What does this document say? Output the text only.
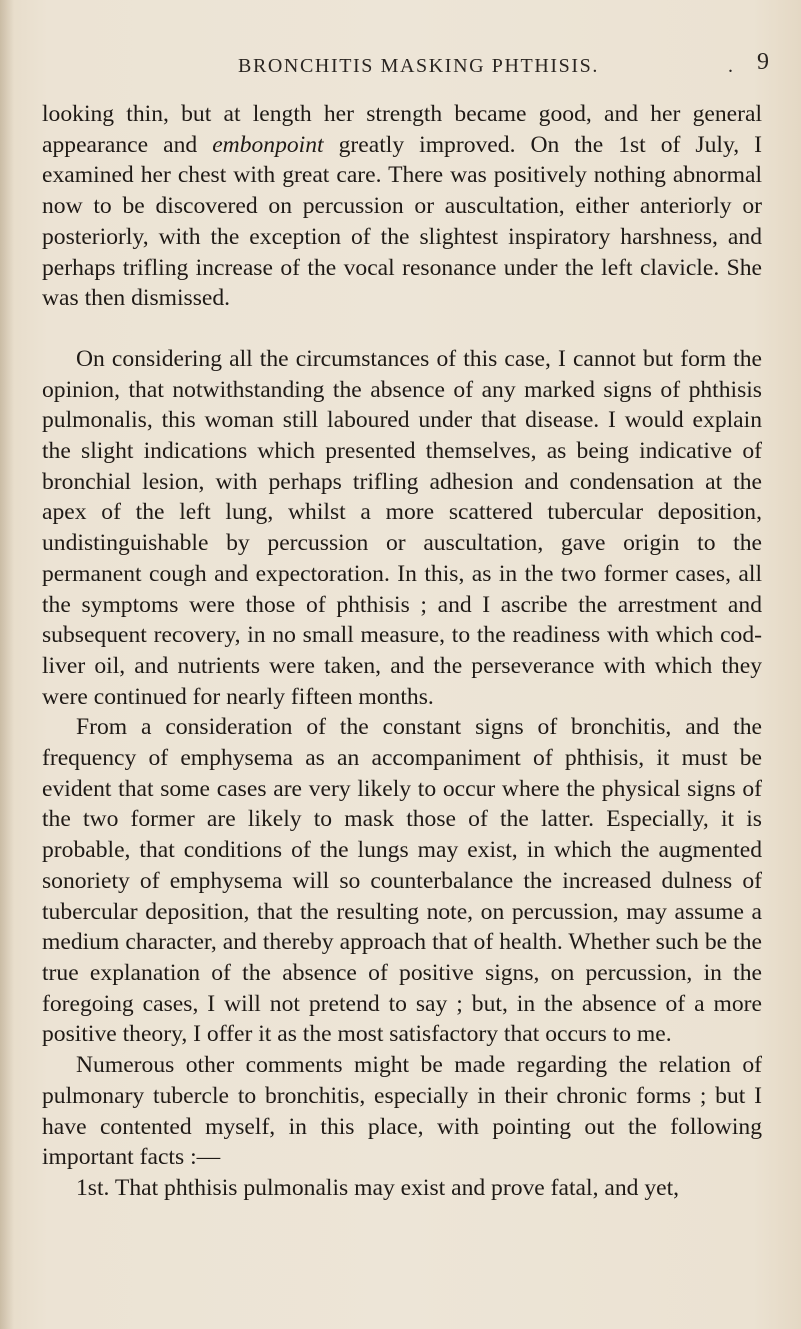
BRONCHITIS MASKING PHTHISIS.	. 9

looking thin, but at length her strength became good, and her general appearance and embonpoint greatly improved. On the 1st of July, I examined her chest with great care. There was positively nothing abnormal now to be discovered on percussion or auscultation, either anteriorly or posteriorly, with the exception of the slightest inspiratory harshness, and perhaps trifling increase of the vocal resonance under the left clavicle. She was then dismissed.

On considering all the circumstances of this case, I cannot but form the opinion, that notwithstanding the absence of any marked signs of phthisis pulmonalis, this woman still laboured under that disease. I would explain the slight indications which presented themselves, as being indicative of bronchial lesion, with perhaps trifling adhesion and condensation at the apex of the left lung, whilst a more scattered tubercular deposition, undistinguishable by percussion or auscultation, gave origin to the permanent cough and expectoration. In this, as in the two former cases, all the symptoms were those of phthisis ; and I ascribe the arrestment and subsequent recovery, in no small measure, to the readiness with which cod-liver oil, and nutrients were taken, and the perseverance with which they were continued for nearly fifteen months.

From a consideration of the constant signs of bronchitis, and the frequency of emphysema as an accompaniment of phthisis, it must be evident that some cases are very likely to occur where the physical signs of the two former are likely to mask those of the latter. Especially, it is probable, that conditions of the lungs may exist, in which the augmented sonoriety of emphysema will so counterbalance the increased dulness of tubercular deposition, that the resulting note, on percussion, may assume a medium character, and thereby approach that of health. Whether such be the true explanation of the absence of positive signs, on percussion, in the foregoing cases, I will not pretend to say ; but, in the absence of a more positive theory, I offer it as the most satisfactory that occurs to me.

Numerous other comments might be made regarding the relation of pulmonary tubercle to bronchitis, especially in their chronic forms ; but I have contented myself, in this place, with pointing out the following important facts :—

1st. That phthisis pulmonalis may exist and prove fatal, and yet,
